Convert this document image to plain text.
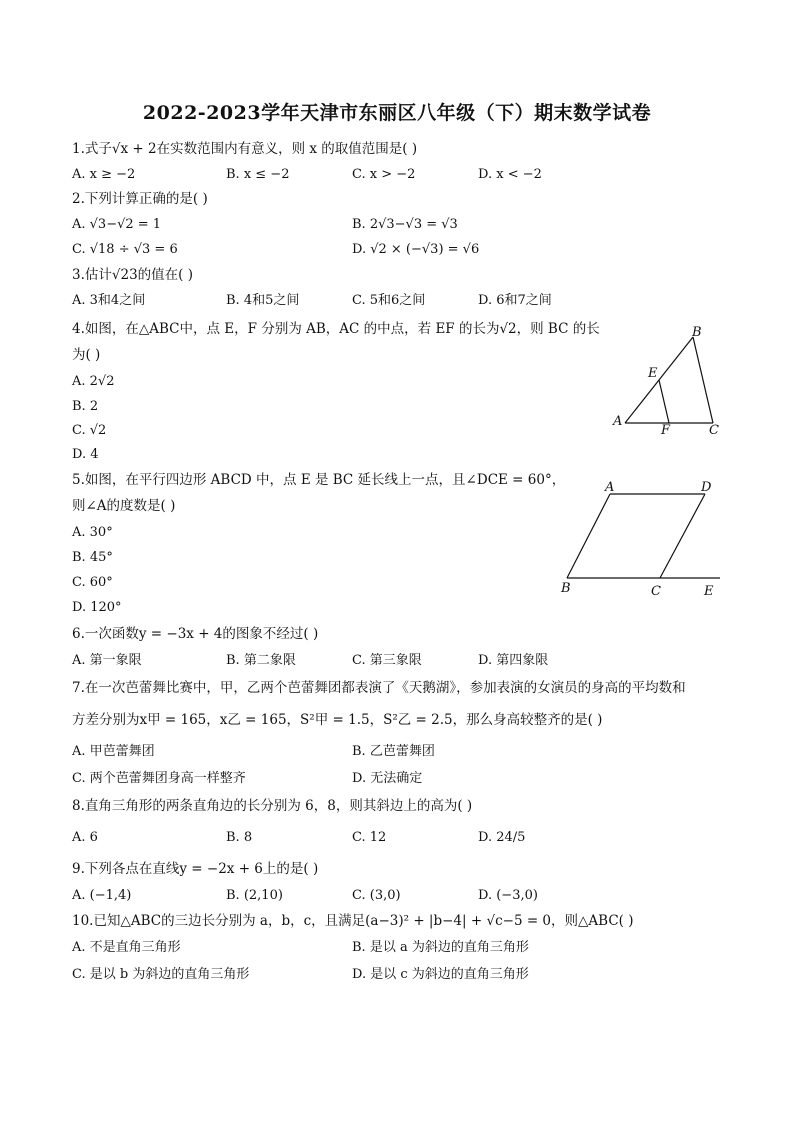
2022-2023学年天津市东丽区八年级（下）期末数学试卷
1.式子√x + 2在实数范围内有意义，则 x 的取值范围是( )
A. x ≥ −2	B. x ≤ −2	C. x > −2	D. x < −2
2.下列计算正确的是( )
A. √3−√2 = 1	B. 2√3−√3 = √3
C. √18 ÷ √3 = 6	D. √2 × (−√3) = √6
3.估计√23的值在( )
A. 3和4之间	B. 4和5之间	C. 5和6之间	D. 6和7之间
4.如图，在△ABC中，点 E，F 分别为 AB，AC 的中点，若 EF 的长为√2，则 BC 的长
为( )
A. 2√2
B. 2
C. √2
D. 4
B
E
A
F	C
5.如图，在平行四边形 ABCD 中，点 E 是 BC 延长线上一点，且∠DCE = 60°，
则∠A的度数是( )
A. 30°
B. 45°
C. 60°
D. 120°
A	D
B	C	E
6.一次函数y = −3x + 4的图象不经过( )
A. 第一象限	B. 第二象限	C. 第三象限	D. 第四象限
7.在一次芭蕾舞比赛中，甲，乙两个芭蕾舞团都表演了《天鹅湖》，参加表演的女演员的身高的平均数和
方差分别为x甲 = 165，x乙 = 165，S²甲 = 1.5，S²乙 = 2.5，那么身高较整齐的是( )
A. 甲芭蕾舞团	B. 乙芭蕾舞团
C. 两个芭蕾舞团身高一样整齐	D. 无法确定
8.直角三角形的两条直角边的长分别为 6，8，则其斜边上的高为( )
A. 6	B. 8	C. 12	D. 24/5
9.下列各点在直线y = −2x + 6上的是( )
A. (−1,4)	B. (2,10)	C. (3,0)	D. (−3,0)
10.已知△ABC的三边长分别为 a，b，c，且满足(a−3)² + |b−4| + √c−5 = 0，则△ABC( )
A. 不是直角三角形	B. 是以 a 为斜边的直角三角形
C. 是以 b 为斜边的直角三角形	D. 是以 c 为斜边的直角三角形
